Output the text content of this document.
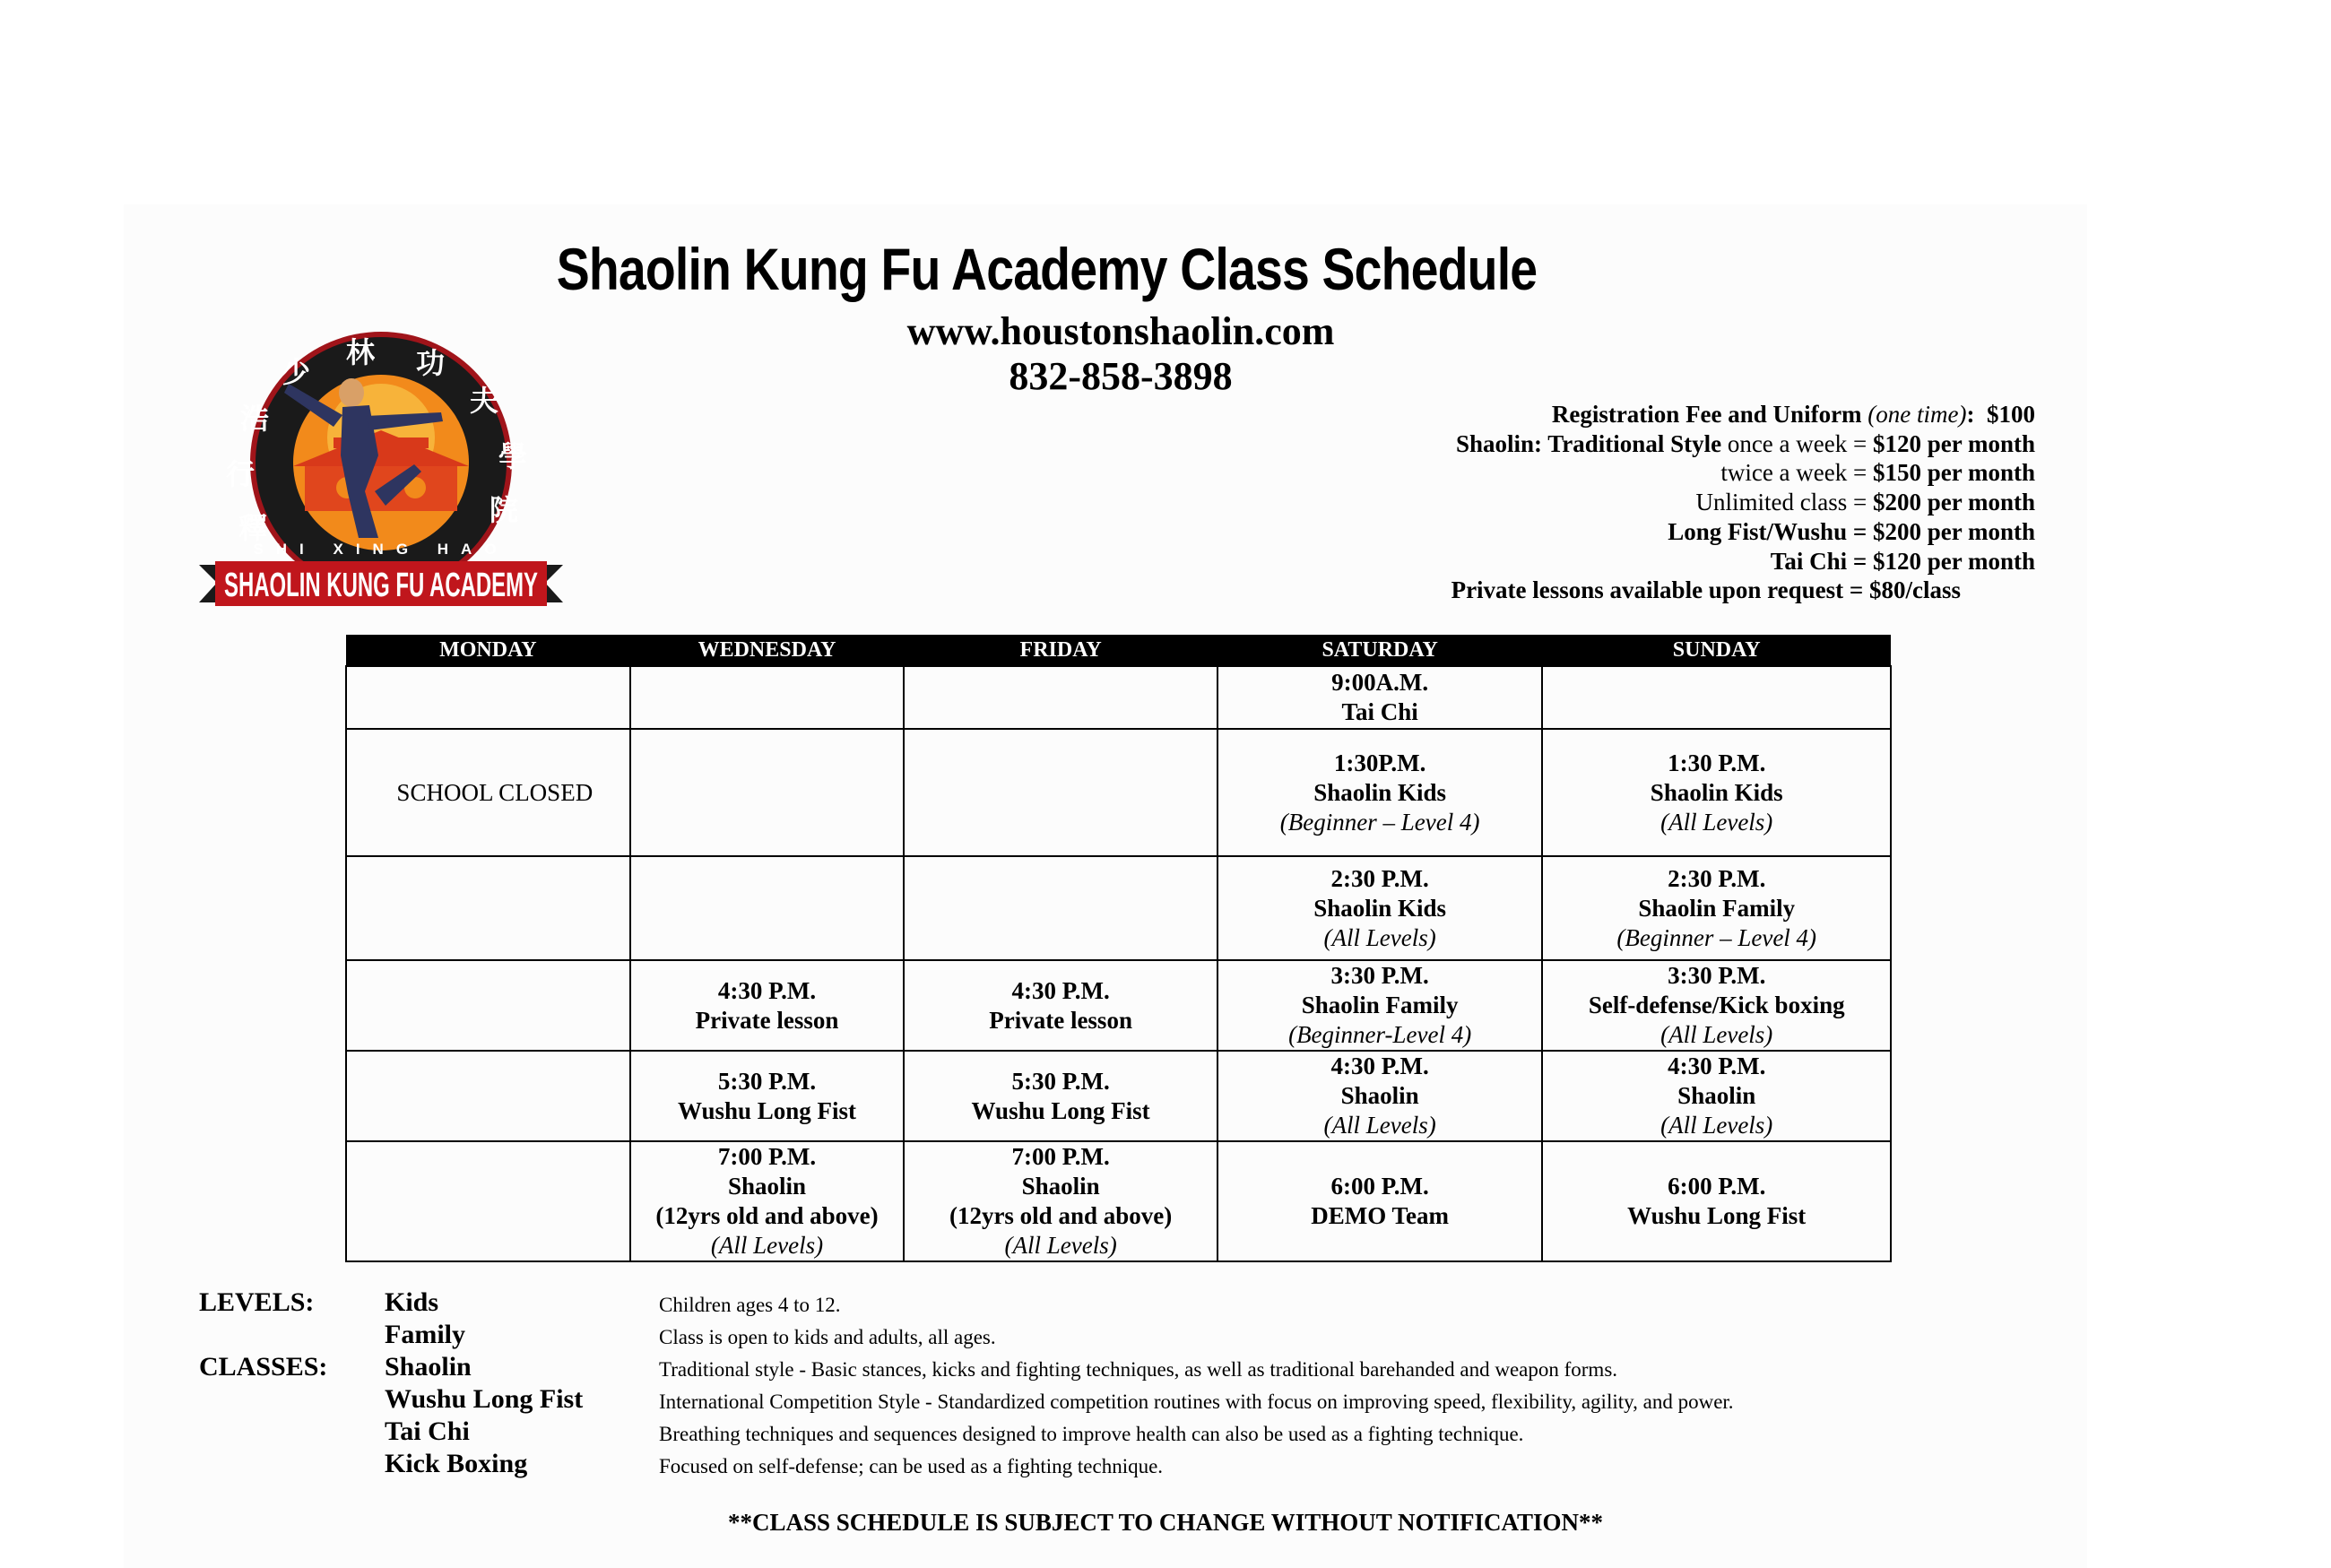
Shaolin Kung Fu Academy Class Schedule
www.houstonshaolin.com
832-858-3898
釋
行
浩
少
林 功
夫
學
院
SHI XING HAO
SHAOLIN KUNG FU ACADEMY
Registration Fee and Uniform (one time): $100
Shaolin: Traditional Style once a week = $120 per month
twice a week = $150 per month
Unlimited class = $200 per month
Long Fist/Wushu = $200 per month
Tai Chi = $120 per month
Private lessons available upon request = $80/class
MONDAY	WEDNESDAY	FRIDAY	SATURDAY	SUNDAY

			9:00A.M.
Tai Chi	

SCHOOL CLOSED			1:30P.M.
Shaolin Kids
(Beginner – Level 4)	1:30 P.M.
Shaolin Kids
(All Levels)

			2:30 P.M.
Shaolin Kids
(All Levels)	2:30 P.M.
Shaolin Family
(Beginner – Level 4)

	4:30 P.M.
Private lesson	4:30 P.M.
Private lesson	3:30 P.M.
Shaolin Family
(Beginner-Level 4)	3:30 P.M.
Self-defense/Kick boxing
(All Levels)

	5:30 P.M.
Wushu Long Fist	5:30 P.M.
Wushu Long Fist	4:30 P.M.
Shaolin
(All Levels)	4:30 P.M.
Shaolin
(All Levels)

	7:00 P.M.
Shaolin
(12yrs old and above)
(All Levels)	7:00 P.M.
Shaolin
(12yrs old and above)
(All Levels)	6:00 P.M.
DEMO Team	6:00 P.M.
Wushu Long Fist
LEVELS:
CLASSES:
Kids	Children ages 4 to 12.
Family	Class is open to kids and adults, all ages.
Shaolin	Traditional style - Basic stances, kicks and fighting techniques, as well as traditional barehanded and weapon forms.
Wushu Long Fist	International Competition Style - Standardized competition routines with focus on improving speed, flexibility, agility, and power.
Tai Chi	Breathing techniques and sequences designed to improve health can also be used as a fighting technique.
Kick Boxing	Focused on self-defense; can be used as a fighting technique.
**CLASS SCHEDULE IS SUBJECT TO CHANGE WITHOUT NOTIFICATION**
